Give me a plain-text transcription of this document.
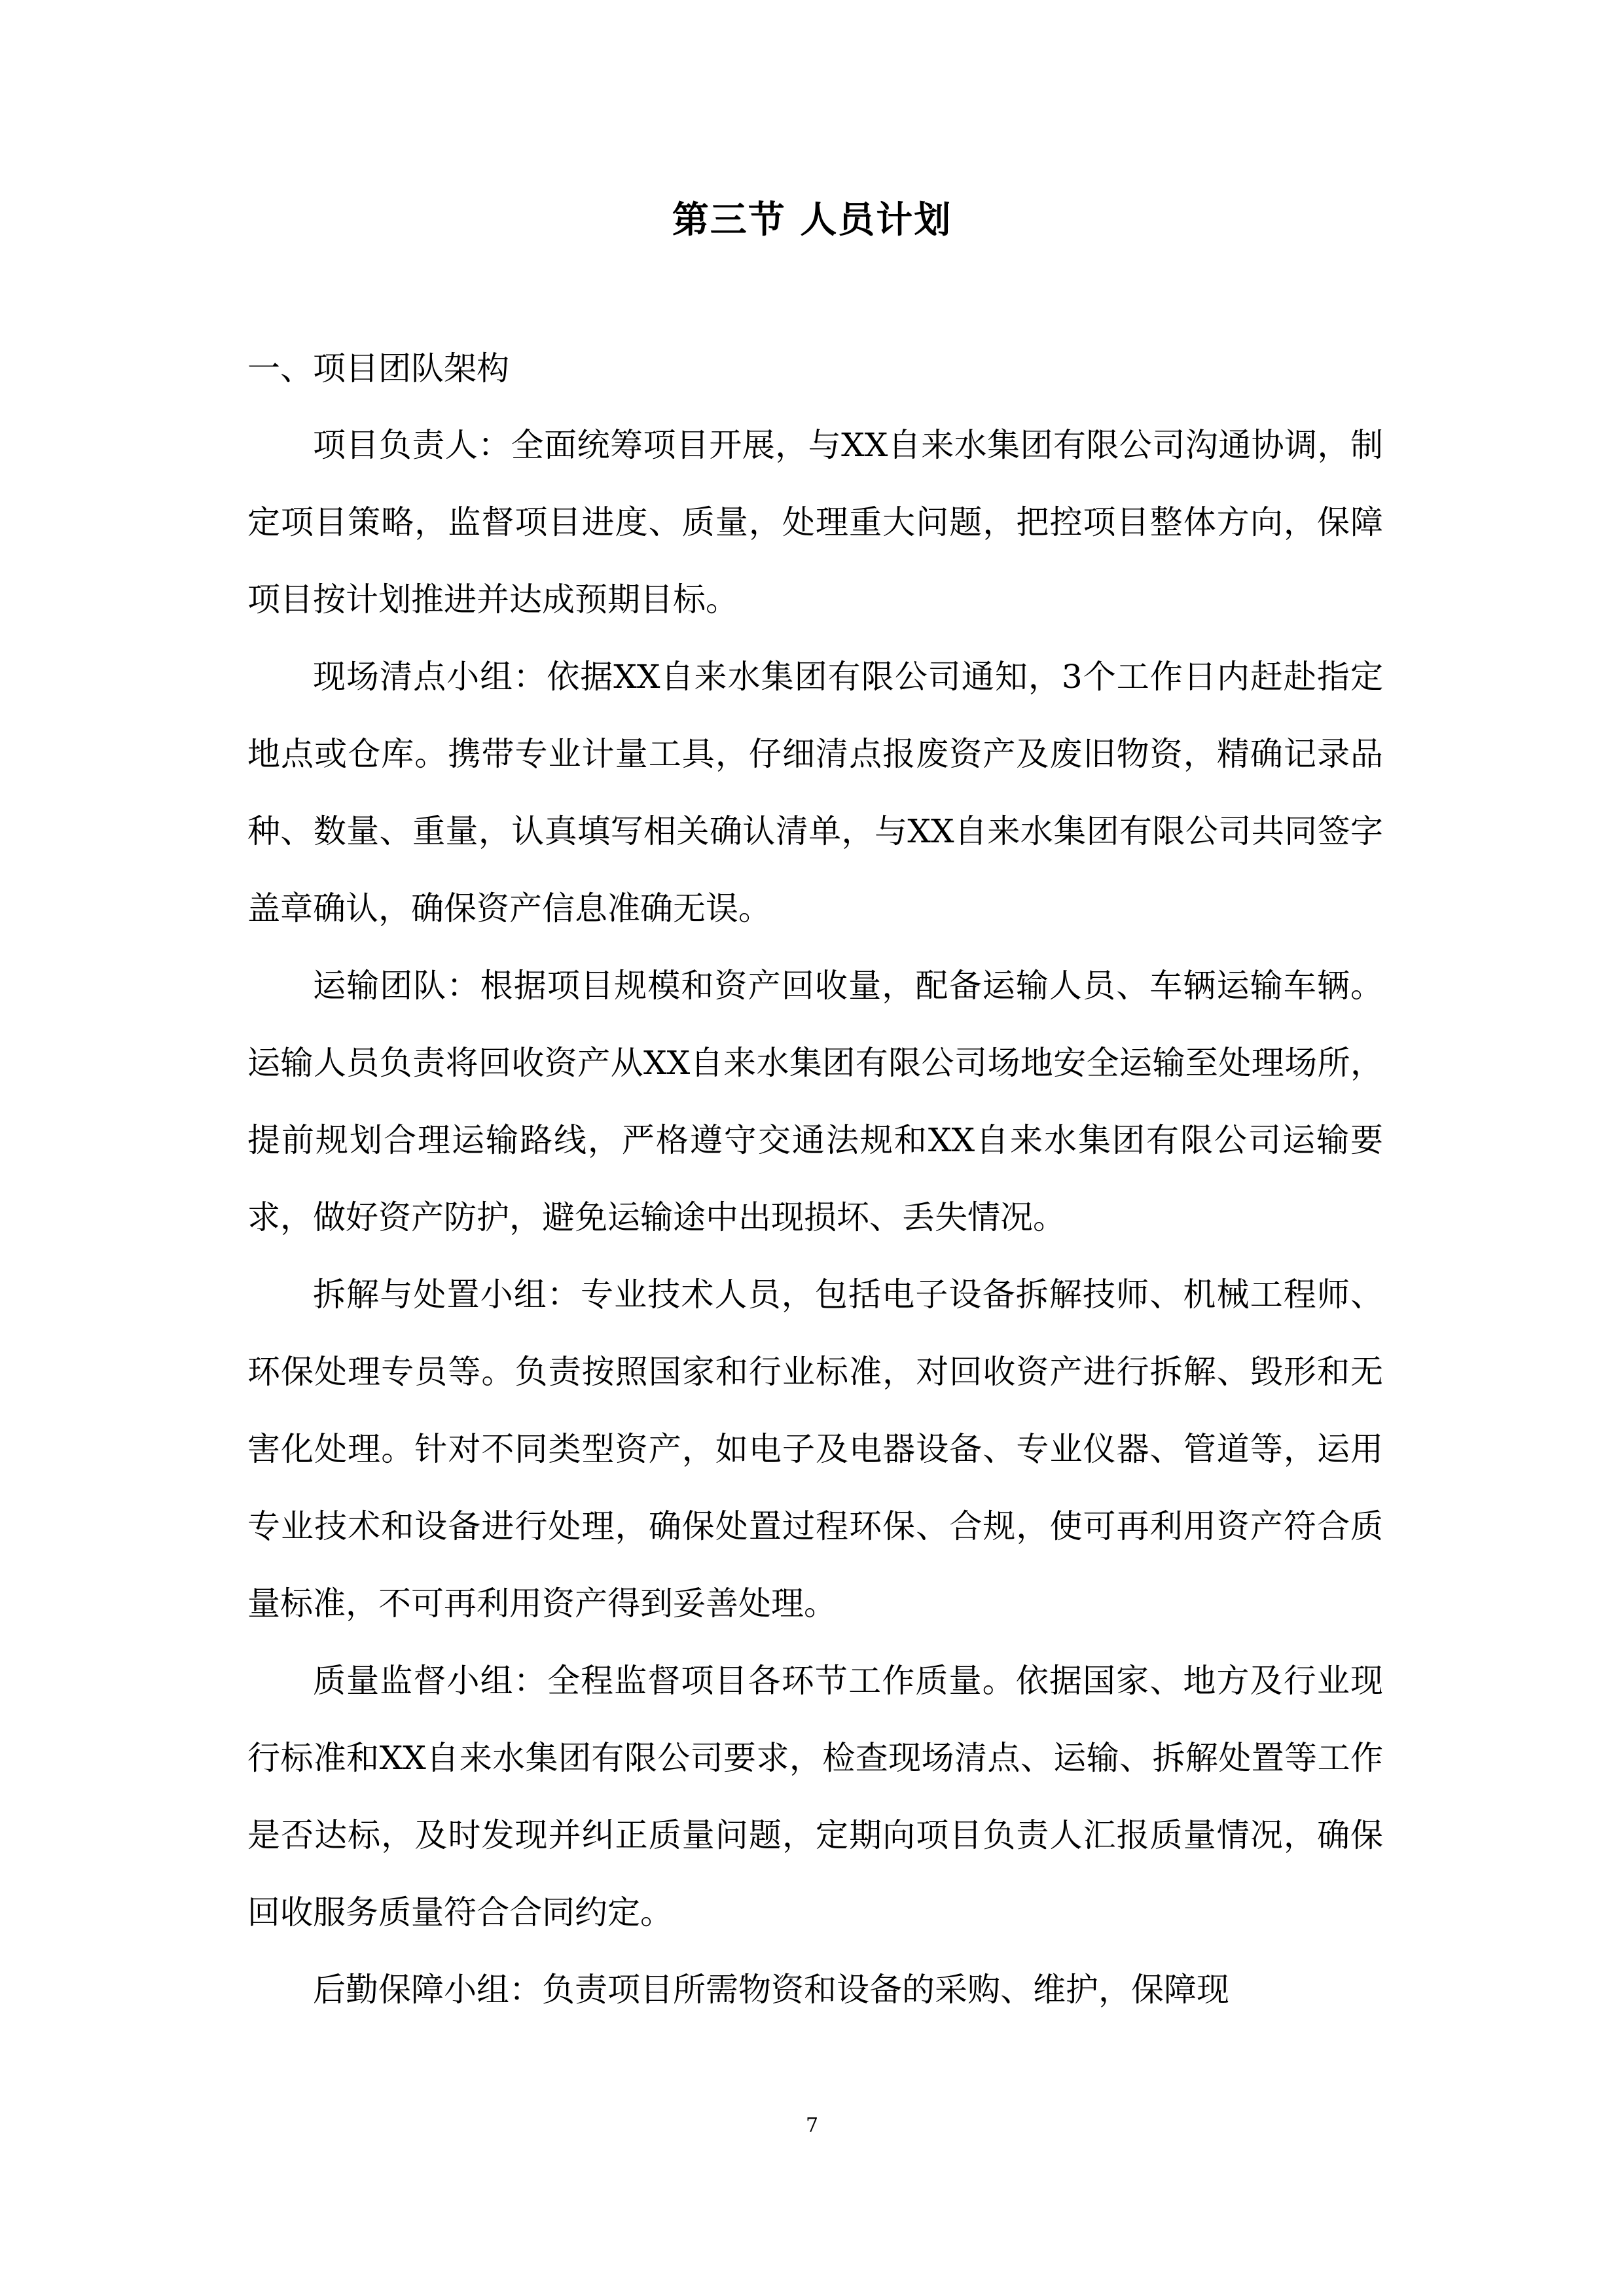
第三节 人员计划

一、项目团队架构

项目负责人：全面统筹项目开展，与XX自来水集团有限公司沟通协调，制定项目策略，监督项目进度、质量，处理重大问题，把控项目整体方向，保障项目按计划推进并达成预期目标。

现场清点小组：依据XX自来水集团有限公司通知，3个工作日内赶赴指定地点或仓库。携带专业计量工具，仔细清点报废资产及废旧物资，精确记录品种、数量、重量，认真填写相关确认清单，与XX自来水集团有限公司共同签字盖章确认，确保资产信息准确无误。

运输团队：根据项目规模和资产回收量，配备运输人员、车辆运输车辆。运输人员负责将回收资产从XX自来水集团有限公司场地安全运输至处理场所，提前规划合理运输路线，严格遵守交通法规和XX自来水集团有限公司运输要求，做好资产防护，避免运输途中出现损坏、丢失情况。

拆解与处置小组：专业技术人员，包括电子设备拆解技师、机械工程师、环保处理专员等。负责按照国家和行业标准，对回收资产进行拆解、毁形和无害化处理。针对不同类型资产，如电子及电器设备、专业仪器、管道等，运用专业技术和设备进行处理，确保处置过程环保、合规，使可再利用资产符合质量标准，不可再利用资产得到妥善处理。

质量监督小组：全程监督项目各环节工作质量。依据国家、地方及行业现行标准和XX自来水集团有限公司要求，检查现场清点、运输、拆解处置等工作是否达标，及时发现并纠正质量问题，定期向项目负责人汇报质量情况，确保回收服务质量符合合同约定。

后勤保障小组：负责项目所需物资和设备的采购、维护，保障现

7
